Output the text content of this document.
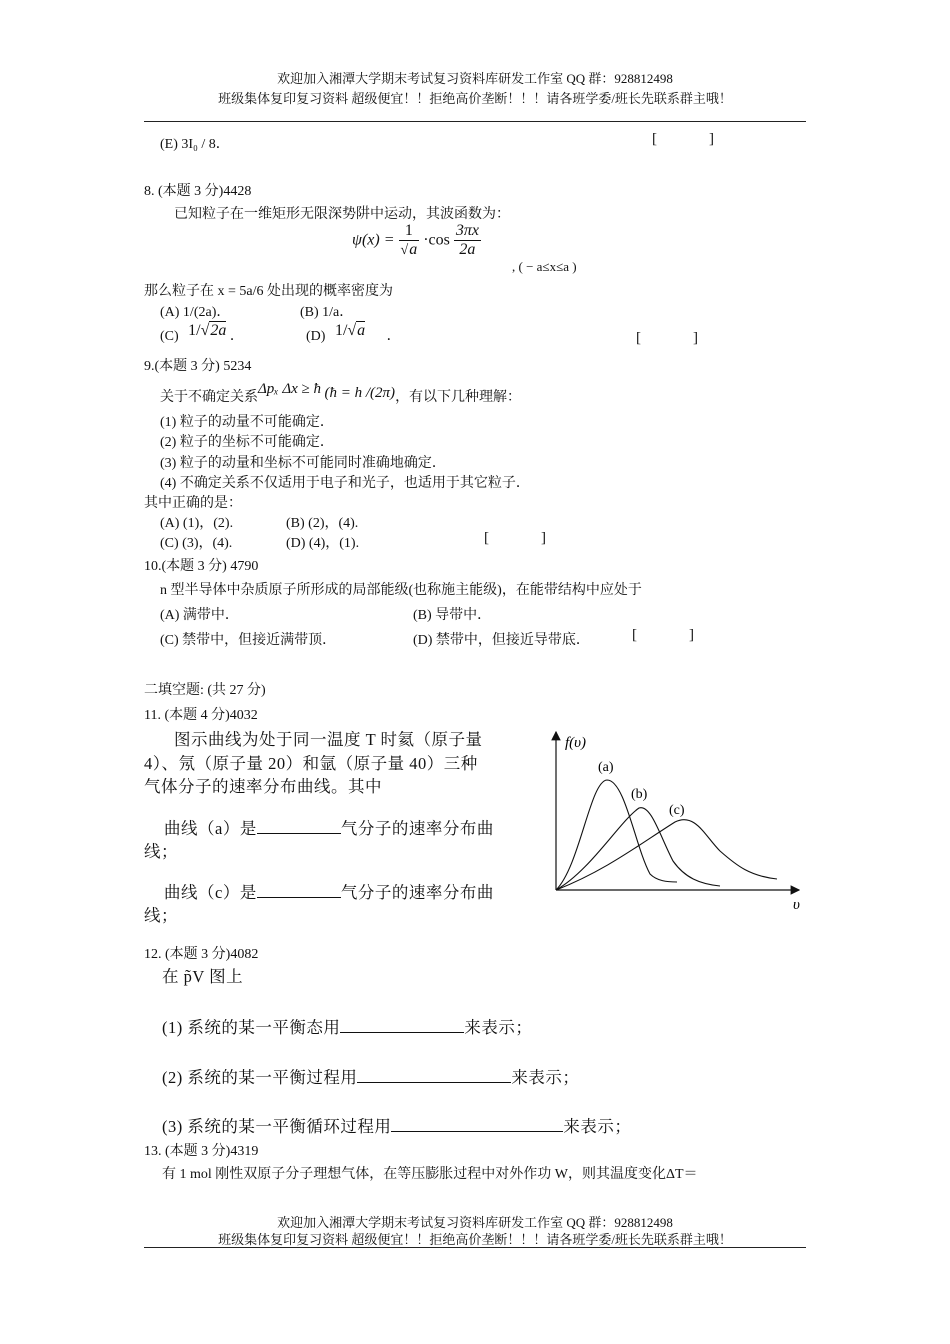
欢迎加入湘潭大学期末考试复习资料库研发工作室 QQ 群：928812498
班级集体复印复习资料 超级便宜！！拒绝高价垄断！！！请各班学委/班长先联系群主哦！
(E) 3I₀ / 8．	[	]
8. (本题 3 分)4428
已知粒子在一维矩形无限深势阱中运动，其波函数为：
$\psi(x) = \frac{1}{√a} \cdot\cos \frac{3\pi x}{2a}$
, ( − a≤x≤a )
那么粒子在 x = 5a/6 处出现的概率密度为
(A) 1/(2a)．	(B) 1/a．
(C) 1/√2a ．	(D) 1/√a ．	[	]
9.(本题 3 分) 5234
关于不确定关系Δpₓ Δx ≥ ħ (ħ = h /(2π)，有以下几种理解：
(1) 粒子的动量不可能确定．
(2) 粒子的坐标不可能确定．
(3) 粒子的动量和坐标不可能同时准确地确定．
(4) 不确定关系不仅适用于电子和光子，也适用于其它粒子．
其中正确的是：
(A) (1)，(2).	(B) (2)，(4).
(C) (3)，(4).	(D) (4)，(1).	[	]
10.(本题 3 分) 4790
n 型半导体中杂质原子所形成的局部能级(也称施主能级)，在能带结构中应处于
(A) 满带中．	(B) 导带中．
(C) 禁带中，但接近满带顶．	(D) 禁带中，但接近导带底．	[	]
二填空题: (共 27 分)
11. (本题 4 分)4032
图示曲线为处于同一温度 T 时氦（原子量
4）、氖（原子量 20）和氩（原子量 40）三种
气体分子的速率分布曲线。其中
曲线（a）是	气分子的速率分布曲
线；
曲线（c）是	气分子的速率分布曲
线；
f(υ)
υ
(a)
(b)
(c)
12. (本题 3 分)4082
在 p̃V 图上
(1) 系统的某一平衡态用	来表示；
(2) 系统的某一平衡过程用	来表示；
(3) 系统的某一平衡循环过程用	来表示；
13. (本题 3 分)4319
有 1 mol 刚性双原子分子理想气体，在等压膨胀过程中对外作功 W，则其温度变化ΔT＝
欢迎加入湘潭大学期末考试复习资料库研发工作室 QQ 群：928812498
班级集体复印复习资料 超级便宜！！拒绝高价垄断！！！请各班学委/班长先联系群主哦！
